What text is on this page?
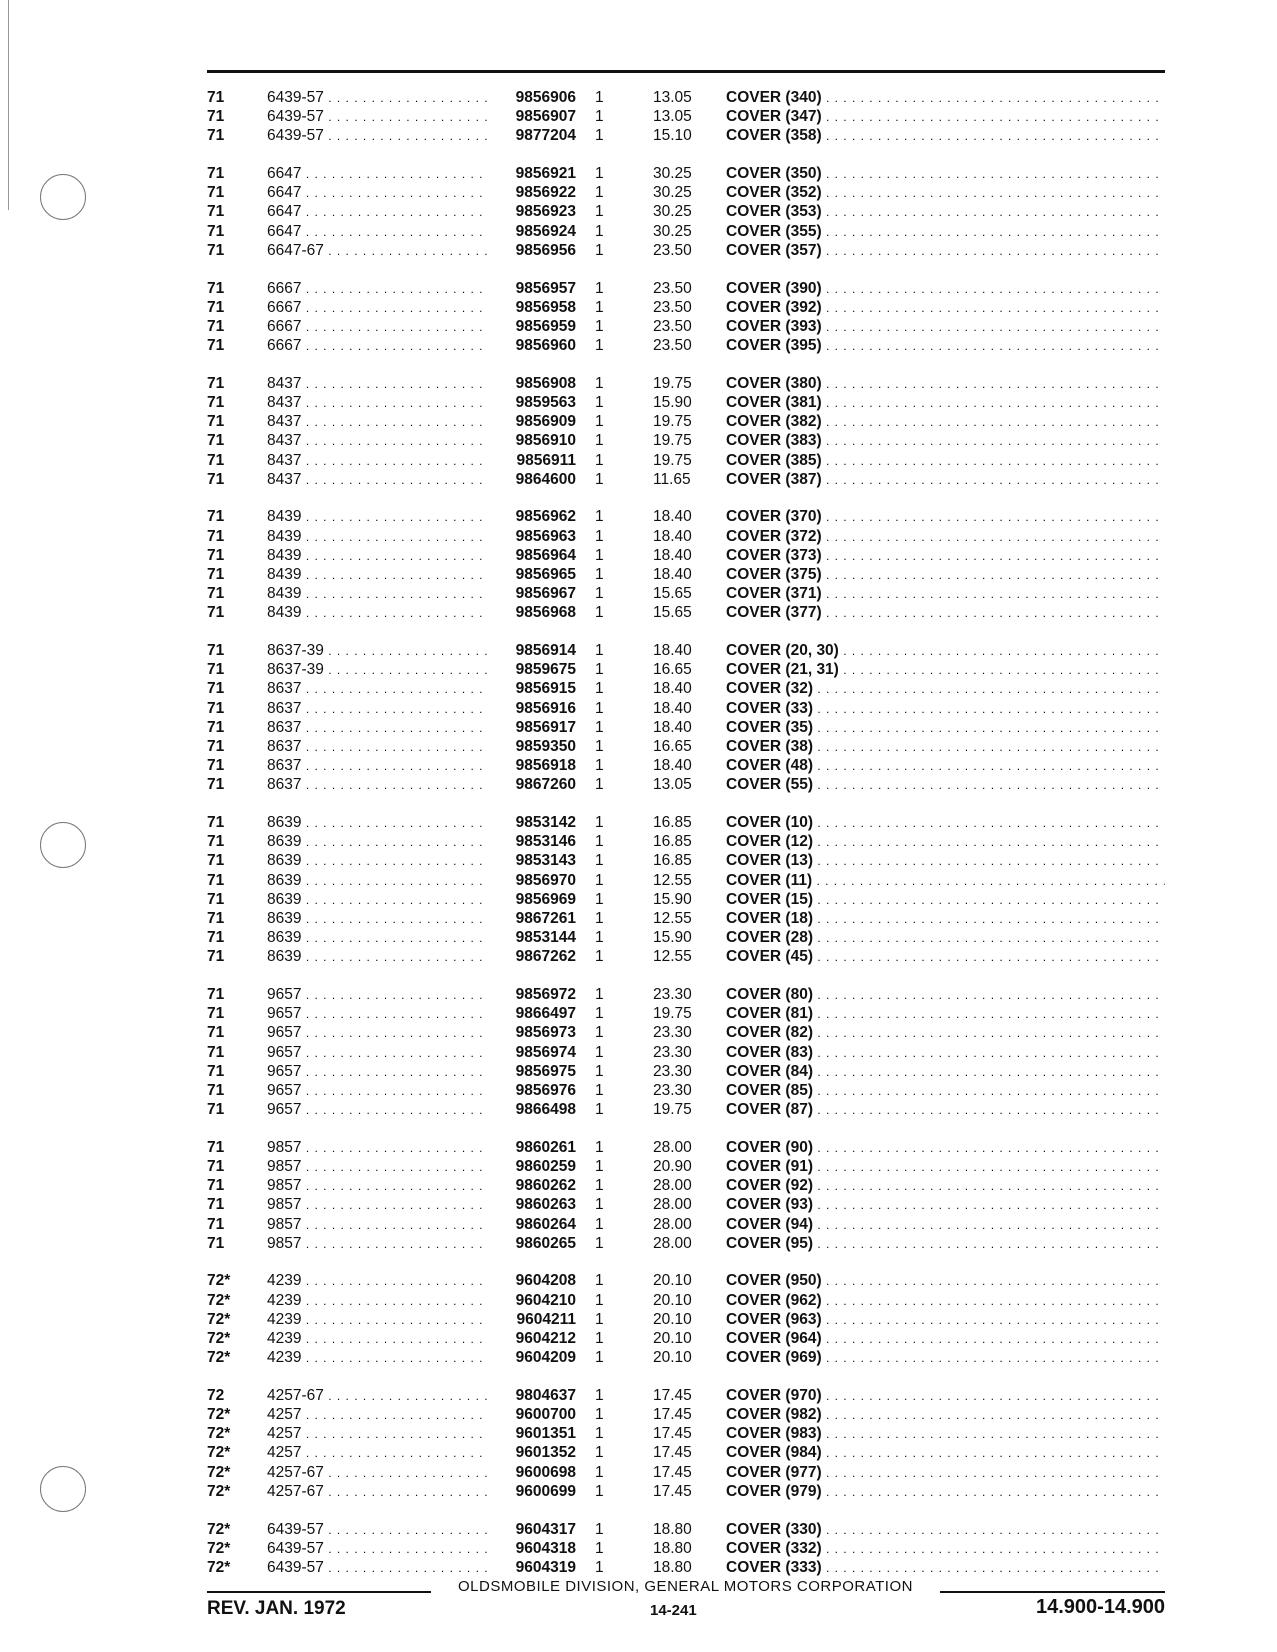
71	6439-57 . . .	9856906 1	13.05	COVER (340) . . .
71	6439-57 . . .	9856907 1	13.05	COVER (347) . . .
71	6439-57 . . .	9877204 1	15.10	COVER (358) . . .
71	6647 . . .	9856921 1	30.25	COVER (350) . . .
71	6647 . . .	9856922 1	30.25	COVER (352) . . .
71	6647 . . .	9856923 1	30.25	COVER (353) . . .
71	6647 . . .	9856924 1	30.25	COVER (355) . . .
71	6647-67 . . .	9856956 1	23.50	COVER (357) . . .
71	6667 . . .	9856957 1	23.50	COVER (390) . . .
71	6667 . . .	9856958 1	23.50	COVER (392) . . .
71	6667 . . .	9856959 1	23.50	COVER (393) . . .
71	6667 . . .	9856960 1	23.50	COVER (395) . . .
71	8437 . . .	9856908 1	19.75	COVER (380) . . .
71	8437 . . .	9859563 1	15.90	COVER (381) . . .
71	8437 . . .	9856909 1	19.75	COVER (382) . . .
71	8437 . . .	9856910 1	19.75	COVER (383) . . .
71	8437 . . .	9856911 1	19.75	COVER (385) . . .
71	8437 . . .	9864600 1	11.65	COVER (387) . . .
71	8439 . . .	9856962 1	18.40	COVER (370) . . .
71	8439 . . .	9856963 1	18.40	COVER (372) . . .
71	8439 . . .	9856964 1	18.40	COVER (373) . . .
71	8439 . . .	9856965 1	18.40	COVER (375) . . .
71	8439 . . .	9856967 1	15.65	COVER (371) . . .
71	8439 . . .	9856968 1	15.65	COVER (377) . . .
71	8637-39 . . .	9856914 1	18.40	COVER (20, 30) . . .
71	8637-39 . . .	9859675 1	16.65	COVER (21, 31) . . .
71	8637 . . .	9856915 1	18.40	COVER (32) . . .
71	8637 . . .	9856916 1	18.40	COVER (33) . . .
71	8637 . . .	9856917 1	18.40	COVER (35) . . .
71	8637 . . .	9859350 1	16.65	COVER (38) . . .
71	8637 . . .	9856918 1	18.40	COVER (48) . . .
71	8637 . . .	9867260 1	13.05	COVER (55) . . .
71	8639 . . .	9853142 1	16.85	COVER (10) . . .
71	8639 . . .	9853146 1	16.85	COVER (12) . . .
71	8639 . . .	9853143 1	16.85	COVER (13) . . .
71	8639 . . .	9856970 1	12.55	COVER (11) . . .
71	8639 . . .	9856969 1	15.90	COVER (15) . . .
71	8639 . . .	9867261 1	12.55	COVER (18) . . .
71	8639 . . .	9853144 1	15.90	COVER (28) . . .
71	8639 . . .	9867262 1	12.55	COVER (45) . . .
71	9657 . . .	9856972 1	23.30	COVER (80) . . .
71	9657 . . .	9866497 1	19.75	COVER (81) . . .
71	9657 . . .	9856973 1	23.30	COVER (82) . . .
71	9657 . . .	9856974 1	23.30	COVER (83) . . .
71	9657 . . .	9856975 1	23.30	COVER (84) . . .
71	9657 . . .	9856976 1	23.30	COVER (85) . . .
71	9657 . . .	9866498 1	19.75	COVER (87) . . .
71	9857 . . .	9860261 1	28.00	COVER (90) . . .
71	9857 . . .	9860259 1	20.90	COVER (91) . . .
71	9857 . . .	9860262 1	28.00	COVER (92) . . .
71	9857 . . .	9860263 1	28.00	COVER (93) . . .
71	9857 . . .	9860264 1	28.00	COVER (94) . . .
71	9857 . . .	9860265 1	28.00	COVER (95) . . .
72* 4239 . . .	9604208 1	20.10	COVER (950) . . .
72* 4239 . . .	9604210 1	20.10	COVER (962) . . .
72* 4239 . . .	9604211 1	20.10	COVER (963) . . .
72* 4239 . . .	9604212 1	20.10	COVER (964) . . .
72* 4239 . . .	9604209 1	20.10	COVER (969) . . .
72	4257-67 . . .	9804637 1	17.45	COVER (970) . . .
72* 4257 . . .	9600700 1	17.45	COVER (982) . . .
72* 4257 . . .	9601351 1	17.45	COVER (983) . . .
72* 4257 . . .	9601352 1	17.45	COVER (984) . . .
72* 4257-67 . . .	9600698 1	17.45	COVER (977) . . .
72* 4257-67 . . .	9600699 1	17.45	COVER (979) . . .
72* 6439-57 . . .	9604317 1	18.80	COVER (330) . . .
72* 6439-57 . . .	9604318 1	18.80	COVER (332) . . .
72* 6439-57 . . .	9604319 1	18.80	COVER (333) . . .
OLDSMOBILE DIVISION, GENERAL MOTORS CORPORATION
REV. JAN. 1972	14-241	14.900-14.900
